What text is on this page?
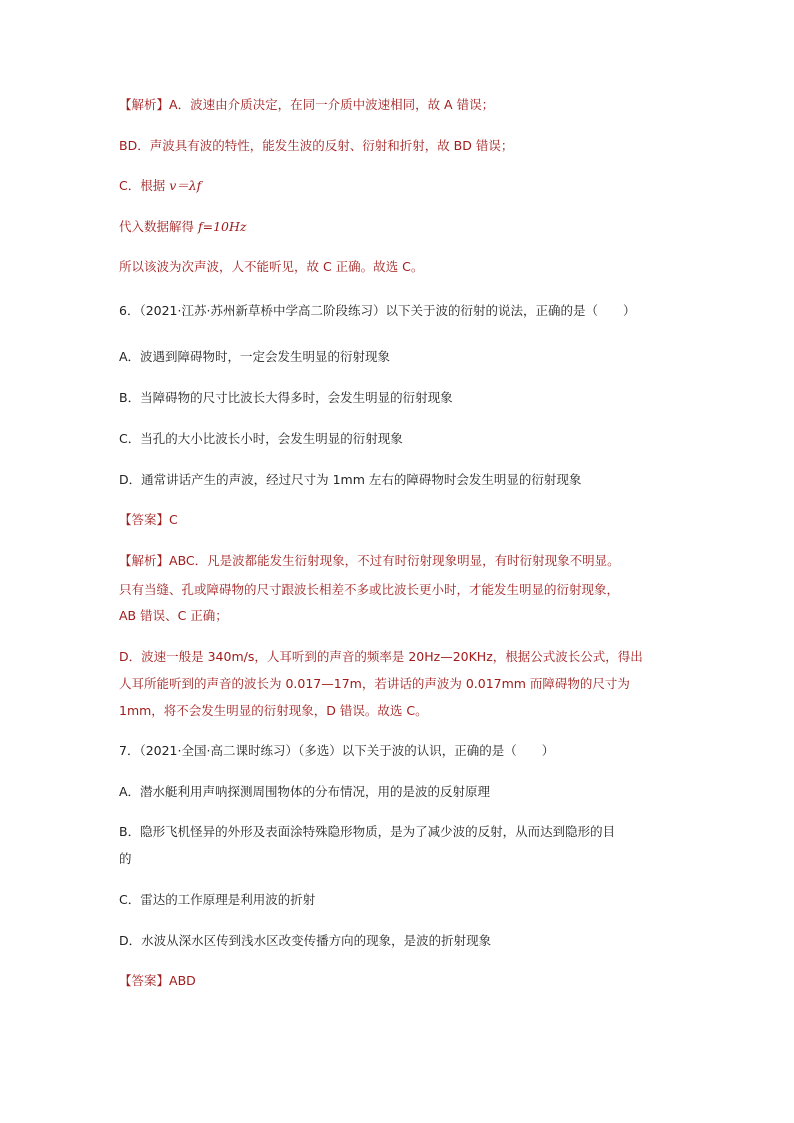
【解析】A．波速由介质决定，在同一介质中波速相同，故 A 错误；
BD．声波具有波的特性，能发生波的反射、衍射和折射，故 BD 错误；
C．根据 v＝λf
代入数据解得 f=10Hz
所以该波为次声波，人不能听见，故 C 正确。故选 C。
6．（2021·江苏·苏州新草桥中学高二阶段练习）以下关于波的衍射的说法，正确的是（　　）
A．波遇到障碍物时，一定会发生明显的衍射现象
B．当障碍物的尺寸比波长大得多时，会发生明显的衍射现象
C．当孔的大小比波长小时，会发生明显的衍射现象
D．通常讲话产生的声波，经过尺寸为 1mm 左右的障碍物时会发生明显的衍射现象
【答案】C
【解析】ABC．凡是波都能发生衍射现象，不过有时衍射现象明显，有时衍射现象不明显。
只有当缝、孔或障碍物的尺寸跟波长相差不多或比波长更小时，才能发生明显的衍射现象，
AB 错误、C 正确；
D．波速一般是 340m/s，人耳听到的声音的频率是 20Hz—20KHz，根据公式波长公式，得出
人耳所能听到的声音的波长为 0.017—17m，若讲话的声波为 0.017mm 而障碍物的尺寸为
1mm，将不会发生明显的衍射现象，D 错误。故选 C。
7．（2021·全国·高二课时练习）（多选）以下关于波的认识，正确的是（　　）
A．潜水艇利用声呐探测周围物体的分布情况，用的是波的反射原理
B．隐形飞机怪异的外形及表面涂特殊隐形物质，是为了减少波的反射，从而达到隐形的目
的
C．雷达的工作原理是利用波的折射
D．水波从深水区传到浅水区改变传播方向的现象，是波的折射现象
【答案】ABD
